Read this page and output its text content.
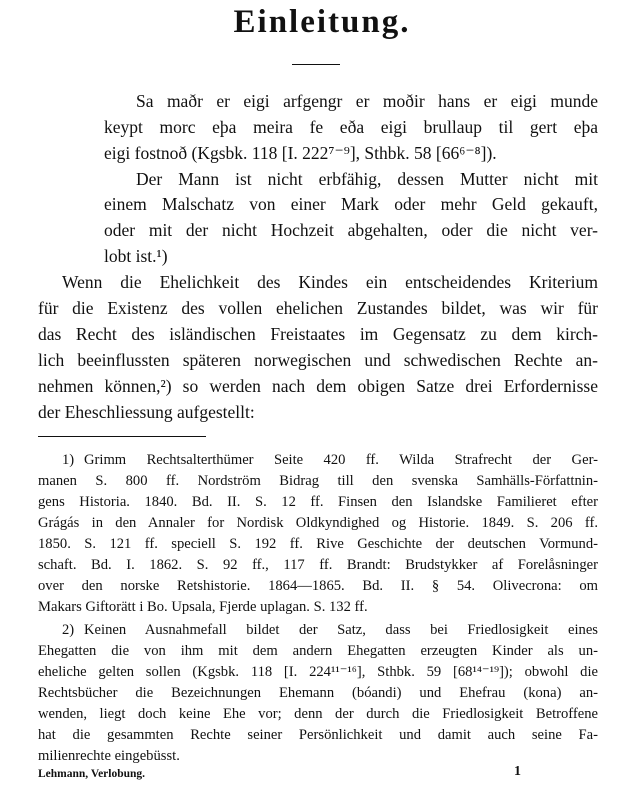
Einleitung.

Sa maðr er eigi arfgengr er moðir hans er eigi munde

keypt morc eþa meira fe eða eigi brullaup til gert eþa

eigi fostnoð (Kgsbk. 118 [I. 222⁷⁻⁹], Sthbk. 58 [66⁶⁻⁸]).

Der Mann ist nicht erbfähig, dessen Mutter nicht mit

einem Malschatz von einer Mark oder mehr Geld gekauft,

oder mit der nicht Hochzeit abgehalten, oder die nicht ver-

lobt ist.¹)

Wenn die Ehelichkeit des Kindes ein entscheidendes Kriterium

für die Existenz des vollen ehelichen Zustandes bildet, was wir für

das Recht des isländischen Freistaates im Gegensatz zu dem kirch-

lich beeinflussten späteren norwegischen und schwedischen Rechte an-

nehmen können,²) so werden nach dem obigen Satze drei Erfordernisse

der Eheschliessung aufgestellt:

1) Grimm Rechtsalterthümer Seite 420 ff. Wilda Strafrecht der Ger-

manen S. 800 ff. Nordström Bidrag till den svenska Samhälls-Författnin-

gens Historia. 1840. Bd. II. S. 12 ff. Finsen den Islandske Familieret efter

Grágás in den Annaler for Nordisk Oldkyndighed og Historie. 1849. S. 206 ff.

1850. S. 121 ff. speciell S. 192 ff. Rive Geschichte der deutschen Vormund-

schaft. Bd. I. 1862. S. 92 ff., 117 ff. Brandt: Brudstykker af Forelåsninger

over den norske Retshistorie. 1864—1865. Bd. II. § 54. Olivecrona: om

Makars Giftorätt i Bo. Upsala, Fjerde uplagan. S. 132 ff.

2) Keinen Ausnahmefall bildet der Satz, dass bei Friedlosigkeit eines

Ehegatten die von ihm mit dem andern Ehegatten erzeugten Kinder als un-

eheliche gelten sollen (Kgsbk. 118 [I. 224¹¹⁻¹⁶], Sthbk. 59 [68¹⁴⁻¹⁹]); obwohl die

Rechtsbücher die Bezeichnungen Ehemann (bóandi) und Ehefrau (kona) an-

wenden, liegt doch keine Ehe vor; denn der durch die Friedlosigkeit Betroffene

hat die gesammten Rechte seiner Persönlichkeit und damit auch seine Fa-

milienrechte eingebüsst.

Lehmann, Verlobung.	1
